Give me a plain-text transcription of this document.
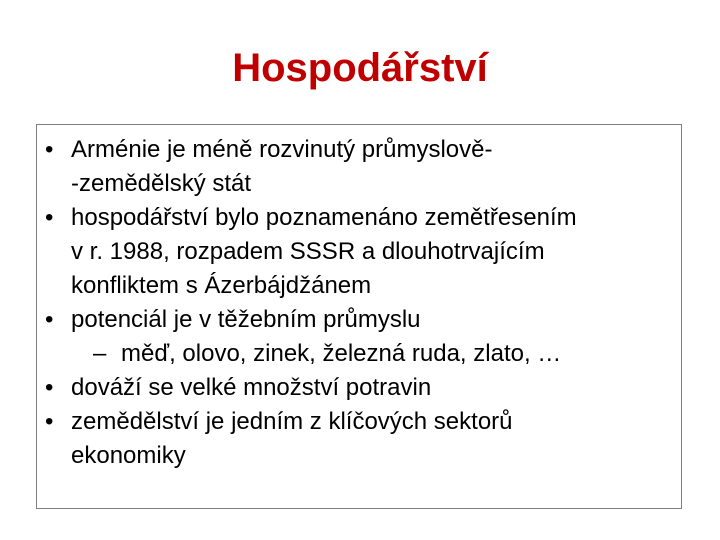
Hospodářství
• Arménie je méně rozvinutý průmyslově-
-zemědělský stát
• hospodářství bylo poznamenáno zemětřesením
v r. 1988, rozpadem SSSR a dlouhotrvajícím
konfliktem s Ázerbájdžánem
• potenciál je v těžebním průmyslu
– měď, olovo, zinek, železná ruda, zlato, …
• dováží se velké množství potravin
• zemědělství je jedním z klíčových sektorů
ekonomiky
